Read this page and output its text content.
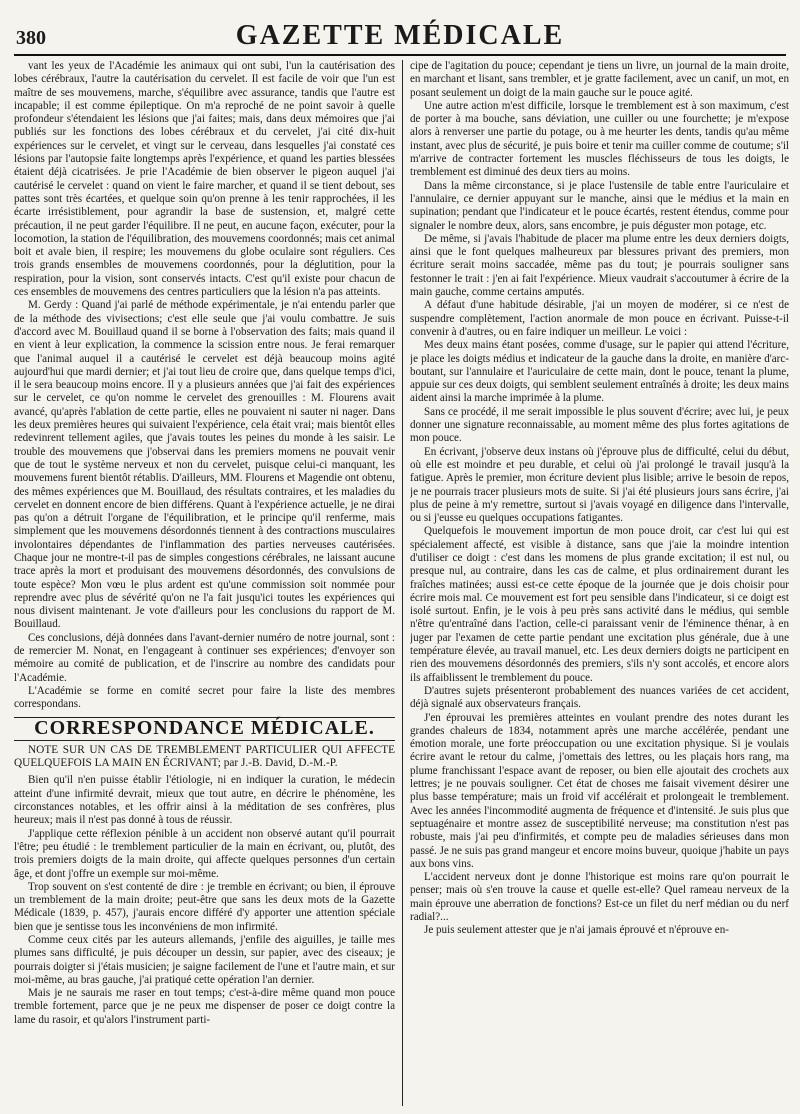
380	GAZETTE MÉDICALE

vant les yeux de l'Académie les animaux qui ont subi, l'un la cautérisation des lobes cérébraux, l'autre la cautérisation du cervelet. Il est facile de voir que l'un est maître de ses mouvemens, marche, s'équilibre avec assurance, tandis que l'autre est incapable; il est comme épileptique. On m'a reproché de ne point savoir à quelle profondeur s'étendaient les lésions que j'ai faites; mais, dans deux mémoires que j'ai publiés sur les fonctions des lobes cérébraux et du cervelet, j'ai cité dix-huit expériences sur le cervelet, et vingt sur le cerveau, dans lesquelles j'ai constaté ces lésions par l'autopsie faite longtemps après l'expérience, et quand les parties blessées étaient déjà cicatrisées. Je prie l'Académie de bien observer le pigeon auquel j'ai cautérisé le cervelet : quand on vient le faire marcher, et quand il se tient debout, ses pattes sont très écartées, et quelque soin qu'on prenne à les tenir rapprochées, il les écarte irrésistiblement, pour agrandir la base de sustension, et, malgré cette précaution, il ne peut garder l'équilibre. Il ne peut, en aucune façon, exécuter, pour la locomotion, la station de l'équilibration, des mouvemens coordonnés; mais cet animal boit et avale bien, il respire; les mouvemens du globe oculaire sont réguliers. Ces trois grands ensembles de mouvemens coordonnés, pour la déglutition, pour la respiration, pour la vision, sont conservés intacts. C'est qu'il existe pour chacun de ces ensembles de mouvemens des centres particuliers que la lésion n'a pas atteints.

M. Gerdy : Quand j'ai parlé de méthode expérimentale, je n'ai entendu parler que de la méthode des vivisections; c'est elle seule que j'ai voulu combattre. Je suis d'accord avec M. Bouillaud quand il se borne à l'observation des faits; mais quand il en vient à leur explication, la commence la scission entre nous. Je ferai remarquer que l'animal auquel il a cautérisé le cervelet est déjà beaucoup moins agité aujourd'hui que mardi dernier; et j'ai tout lieu de croire que, dans quelque temps d'ici, il le sera beaucoup moins encore. Il y a plusieurs années que j'ai fait des expériences sur le cervelet, ce qu'on nomme le cervelet des grenouilles : M. Flourens avait avancé, qu'après l'ablation de cette partie, elles ne pouvaient ni sauter ni nager. Dans les deux premières heures qui suivaient l'expérience, cela était vrai; mais bientôt elles redevinrent tellement agiles, que j'avais toutes les peines du monde à les saisir. Le trouble des mouvemens que j'observai dans les premiers momens ne pouvait venir que de tout le système nerveux et non du cervelet, puisque celui-ci manquant, les mouvemens furent bientôt rétablis. D'ailleurs, MM. Flourens et Magendie ont obtenu, des mêmes expériences que M. Bouillaud, des résultats contraires, et les maladies du cervelet en donnent encore de bien différens. Quant à l'expérience actuelle, je ne dirai pas qu'on a détruit l'organe de l'équilibration, et le principe qu'il renferme, mais simplement que les mouvemens désordonnés tiennent à des contractions musculaires involontaires dépendantes de l'inflammation des parties nerveuses cautérisées. Chaque jour ne montre-t-il pas de simples congestions cérébrales, ne laissant aucune trace après la mort et produisant des mouvemens désordonnés, des convulsions de toute espèce? Mon vœu le plus ardent est qu'une commission soit nommée pour reprendre avec plus de sévérité qu'on ne l'a fait jusqu'ici toutes les expériences qui nous divisent maintenant. Je vote d'ailleurs pour les conclusions du rapport de M. Bouillaud.

Ces conclusions, déjà données dans l'avant-dernier numéro de notre journal, sont : de remercier M. Nonat, en l'engageant à continuer ses expériences; d'envoyer son mémoire au comité de publication, et de l'inscrire au nombre des candidats pour l'Académie.

L'Académie se forme en comité secret pour faire la liste des membres correspondans.

CORRESPONDANCE MÉDICALE.

NOTE SUR UN CAS DE TREMBLEMENT PARTICULIER QUI AFFECTE QUELQUEFOIS LA MAIN EN ÉCRIVANT; par J.-B. David, D.-M.-P.

Bien qu'il n'en puisse établir l'étiologie, ni en indiquer la curation, le médecin atteint d'une infirmité devrait, mieux que tout autre, en décrire le phénomène, les circonstances notables, et les offrir ainsi à la méditation de ses confrères, plus heureux; mais il n'est pas donné à tous de réussir.

J'applique cette réflexion pénible à un accident non observé autant qu'il pourrait l'être; peu étudié : le tremblement particulier de la main en écrivant, ou, plutôt, des trois premiers doigts de la main droite, qui affecte quelques personnes d'un certain âge, et dont j'offre un exemple sur moi-même.

Trop souvent on s'est contenté de dire : je tremble en écrivant; ou bien, il éprouve un tremblement de la main droite; peut-être que sans les deux mots de la Gazette Médicale (1839, p. 457), j'aurais encore différé d'y apporter une attention spéciale bien que je sentisse tous les inconvéniens de mon infirmité.

Comme ceux cités par les auteurs allemands, j'enfile des aiguilles, je taille mes plumes sans difficulté, je puis découper un dessin, sur papier, avec des ciseaux; je pourrais doigter si j'étais musicien; je saigne facilement de l'une et l'autre main, et sur moi-même, au bras gauche, j'ai pratiqué cette opération l'an dernier.

Mais je ne saurais me raser en tout temps; c'est-à-dire même quand mon pouce tremble fortement, parce que je ne peux me dispenser de poser ce doigt contre la lame du rasoir, et qu'alors l'instrument parti-

cipe de l'agitation du pouce; cependant je tiens un livre, un journal de la main droite, en marchant et lisant, sans trembler, et je gratte facilement, avec un canif, un mot, en posant seulement un doigt de la main gauche sur le pouce agité.

Une autre action m'est difficile, lorsque le tremblement est à son maximum, c'est de porter à ma bouche, sans déviation, une cuiller ou une fourchette; je m'expose alors à renverser une partie du potage, ou à me heurter les dents, tandis qu'au même instant, avec plus de sécurité, je puis boire et tenir ma cuiller comme de coutume; s'il m'arrive de contracter fortement les muscles fléchisseurs de tous les doigts, le tremblement est diminué des deux tiers au moins.

Dans la même circonstance, si je place l'ustensile de table entre l'auriculaire et l'annulaire, ce dernier appuyant sur le manche, ainsi que le médius et la main en supination; pendant que l'indicateur et le pouce écartés, restent étendus, comme pour signaler le nombre deux, alors, sans encombre, je puis déguster mon potage, etc.

De même, si j'avais l'habitude de placer ma plume entre les deux derniers doigts, ainsi que le font quelques malheureux par blessures privant des premiers, mon écriture serait moins saccadée, même pas du tout; je pourrais souligner sans festonner le trait : j'en ai fait l'expérience. Mieux vaudrait s'accoutumer à écrire de la main gauche, comme certains amputés.

A défaut d'une habitude désirable, j'ai un moyen de modérer, si ce n'est de suspendre complètement, l'action anormale de mon pouce en écrivant. Puisse-t-il convenir à d'autres, ou en faire indiquer un meilleur. Le voici :

Mes deux mains étant posées, comme d'usage, sur le papier qui attend l'écriture, je place les doigts médius et indicateur de la gauche dans la droite, en manière d'arc-boutant, sur l'annulaire et l'auriculaire de cette main, dont le pouce, tenant la plume, appuie sur ces deux doigts, qui semblent seulement entraînés à droite; les deux mains aident ainsi la marche imprimée à la plume.

Sans ce procédé, il me serait impossible le plus souvent d'écrire; avec lui, je peux donner une signature reconnaissable, au moment même des plus fortes agitations de mon pouce.

En écrivant, j'observe deux instans où j'éprouve plus de difficulté, celui du début, où elle est moindre et peu durable, et celui où j'ai prolongé le travail jusqu'à la fatigue. Après le premier, mon écriture devient plus lisible; arrive le besoin de repos, je ne pourrais tracer plusieurs mots de suite. Si j'ai été plusieurs jours sans écrire, j'ai plus de peine à m'y remettre, surtout si j'avais voyagé en diligence dans l'intervalle, ou si j'eusse eu quelques occupations fatigantes.

Quelquefois le mouvement importun de mon pouce droit, car c'est lui qui est spécialement affecté, est visible à distance, sans que j'aie la moindre intention d'utiliser ce doigt : c'est dans les momens de plus grande excitation; il est nul, ou presque nul, au contraire, dans les cas de calme, et plus ordinairement durant les fraîches matinées; aussi est-ce cette époque de la journée que je dois choisir pour écrire mois mal. Ce mouvement est fort peu sensible dans l'indicateur, si ce doigt est isolé surtout. Enfin, je le vois à peu près sans activité dans le médius, qui semble n'être qu'entraîné dans l'action, celle-ci paraissant venir de l'éminence thénar, à en juger par l'examen de cette partie pendant une excitation plus générale, due à une température élevée, au travail manuel, etc. Les deux derniers doigts ne participent en rien des mouvemens désordonnés des premiers, s'ils n'y sont accolés, et encore alors ils affaiblissent le tremblement du pouce.

D'autres sujets présenteront probablement des nuances variées de cet accident, déjà signalé aux observateurs français.

J'en éprouvai les premières atteintes en voulant prendre des notes durant les grandes chaleurs de 1834, notamment après une marche accélérée, pendant une émotion morale, une forte préoccupation ou une excitation physique. Si je voulais écrire avant le retour du calme, j'omettais des lettres, ou les plaçais hors rang, ma plume franchissant l'espace avant de reposer, ou bien elle ajoutait des crochets aux lettres; je ne pouvais souligner. Cet état de choses me faisait vivement désirer une plus basse température; mais un froid vif accélérait et prolongeait le tremblement. Avec les années l'incommodité augmenta de fréquence et d'intensité. Je suis plus que septuagénaire et montre assez de susceptibilité nerveuse; ma constitution n'est pas robuste, mais j'ai peu d'infirmités, et compte peu de maladies sérieuses dans mon passé. Je ne suis pas grand mangeur et encore moins buveur, quoique j'habite un pays aux bons vins.

L'accident nerveux dont je donne l'historique est moins rare qu'on pourrait le penser; mais où s'en trouve la cause et quelle est-elle? Quel rameau nerveux de la main éprouve une aberration de fonctions? Est-ce un filet du nerf médian ou du nerf radial?...

Je puis seulement attester que je n'ai jamais éprouvé et n'éprouve en-
